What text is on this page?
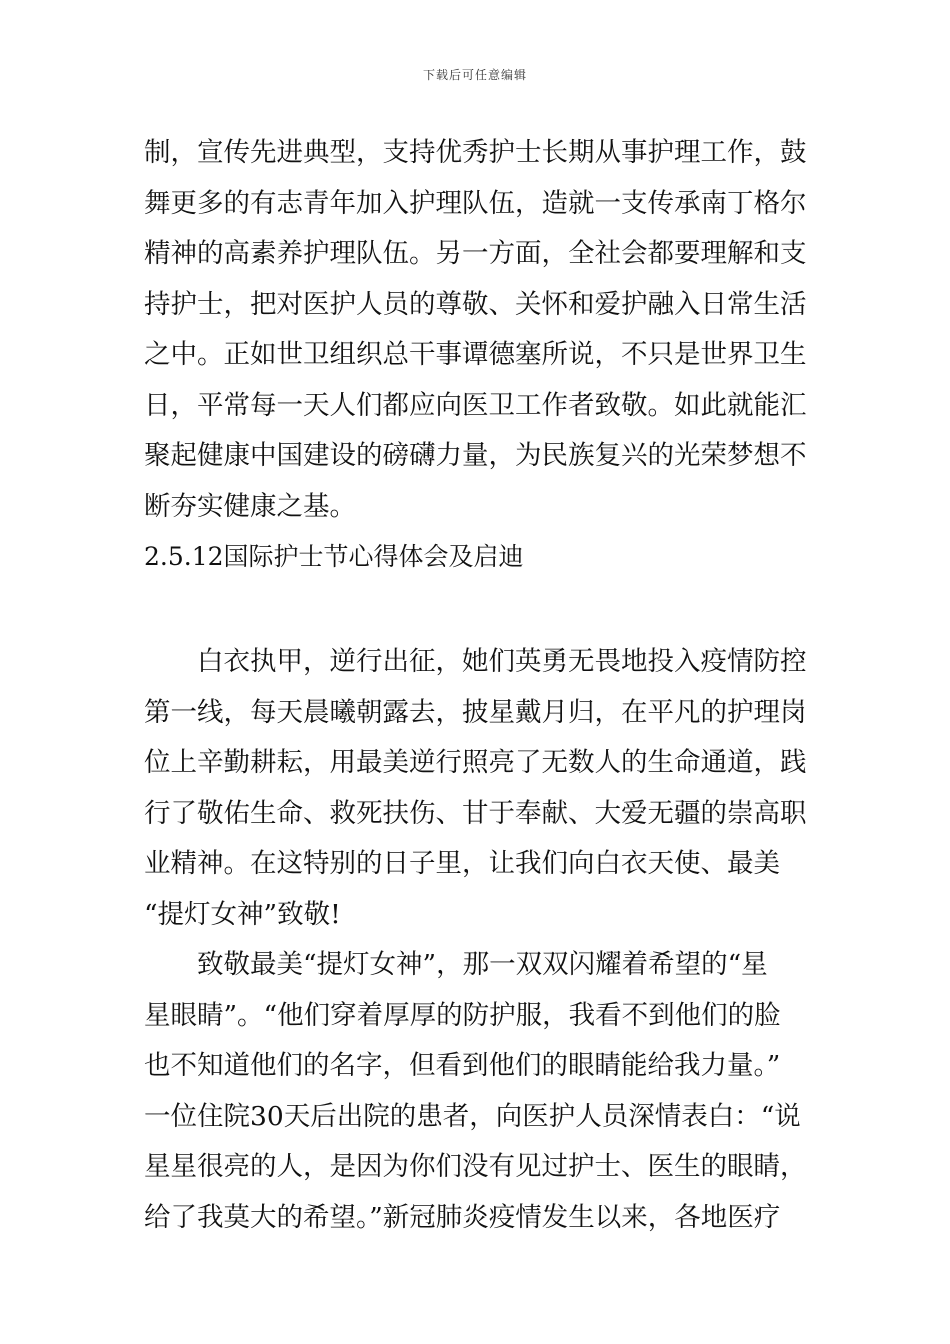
下载后可任意编辑
制，宣传先进典型，支持优秀护士长期从事护理工作，鼓
舞更多的有志青年加入护理队伍，造就一支传承南丁格尔
精神的高素养护理队伍。另一方面，全社会都要理解和支
持护士，把对医护人员的尊敬、关怀和爱护融入日常生活
之中。正如世卫组织总干事谭德塞所说，不只是世界卫生
日，平常每一天人们都应向医卫工作者致敬。如此就能汇
聚起健康中国建设的磅礴力量，为民族复兴的光荣梦想不
断夯实健康之基。
2.5.12国际护士节心得体会及启迪
白衣执甲，逆行出征，她们英勇无畏地投入疫情防控
第一线，每天晨曦朝露去，披星戴月归，在平凡的护理岗
位上辛勤耕耘，用最美逆行照亮了无数人的生命通道，践
行了敬佑生命、救死扶伤、甘于奉献、大爱无疆的崇高职
业精神。在这特别的日子里，让我们向白衣天使、最美
“提灯女神”致敬!
致敬最美“提灯女神”，那一双双闪耀着希望的“星
星眼睛”。“他们穿着厚厚的防护服，我看不到他们的脸
也不知道他们的名字，但看到他们的眼睛能给我力量。”
一位住院30天后出院的患者，向医护人员深情表白：“说
星星很亮的人，是因为你们没有见过护士、医生的眼睛，
给了我莫大的希望。”新冠肺炎疫情发生以来，各地医疗
